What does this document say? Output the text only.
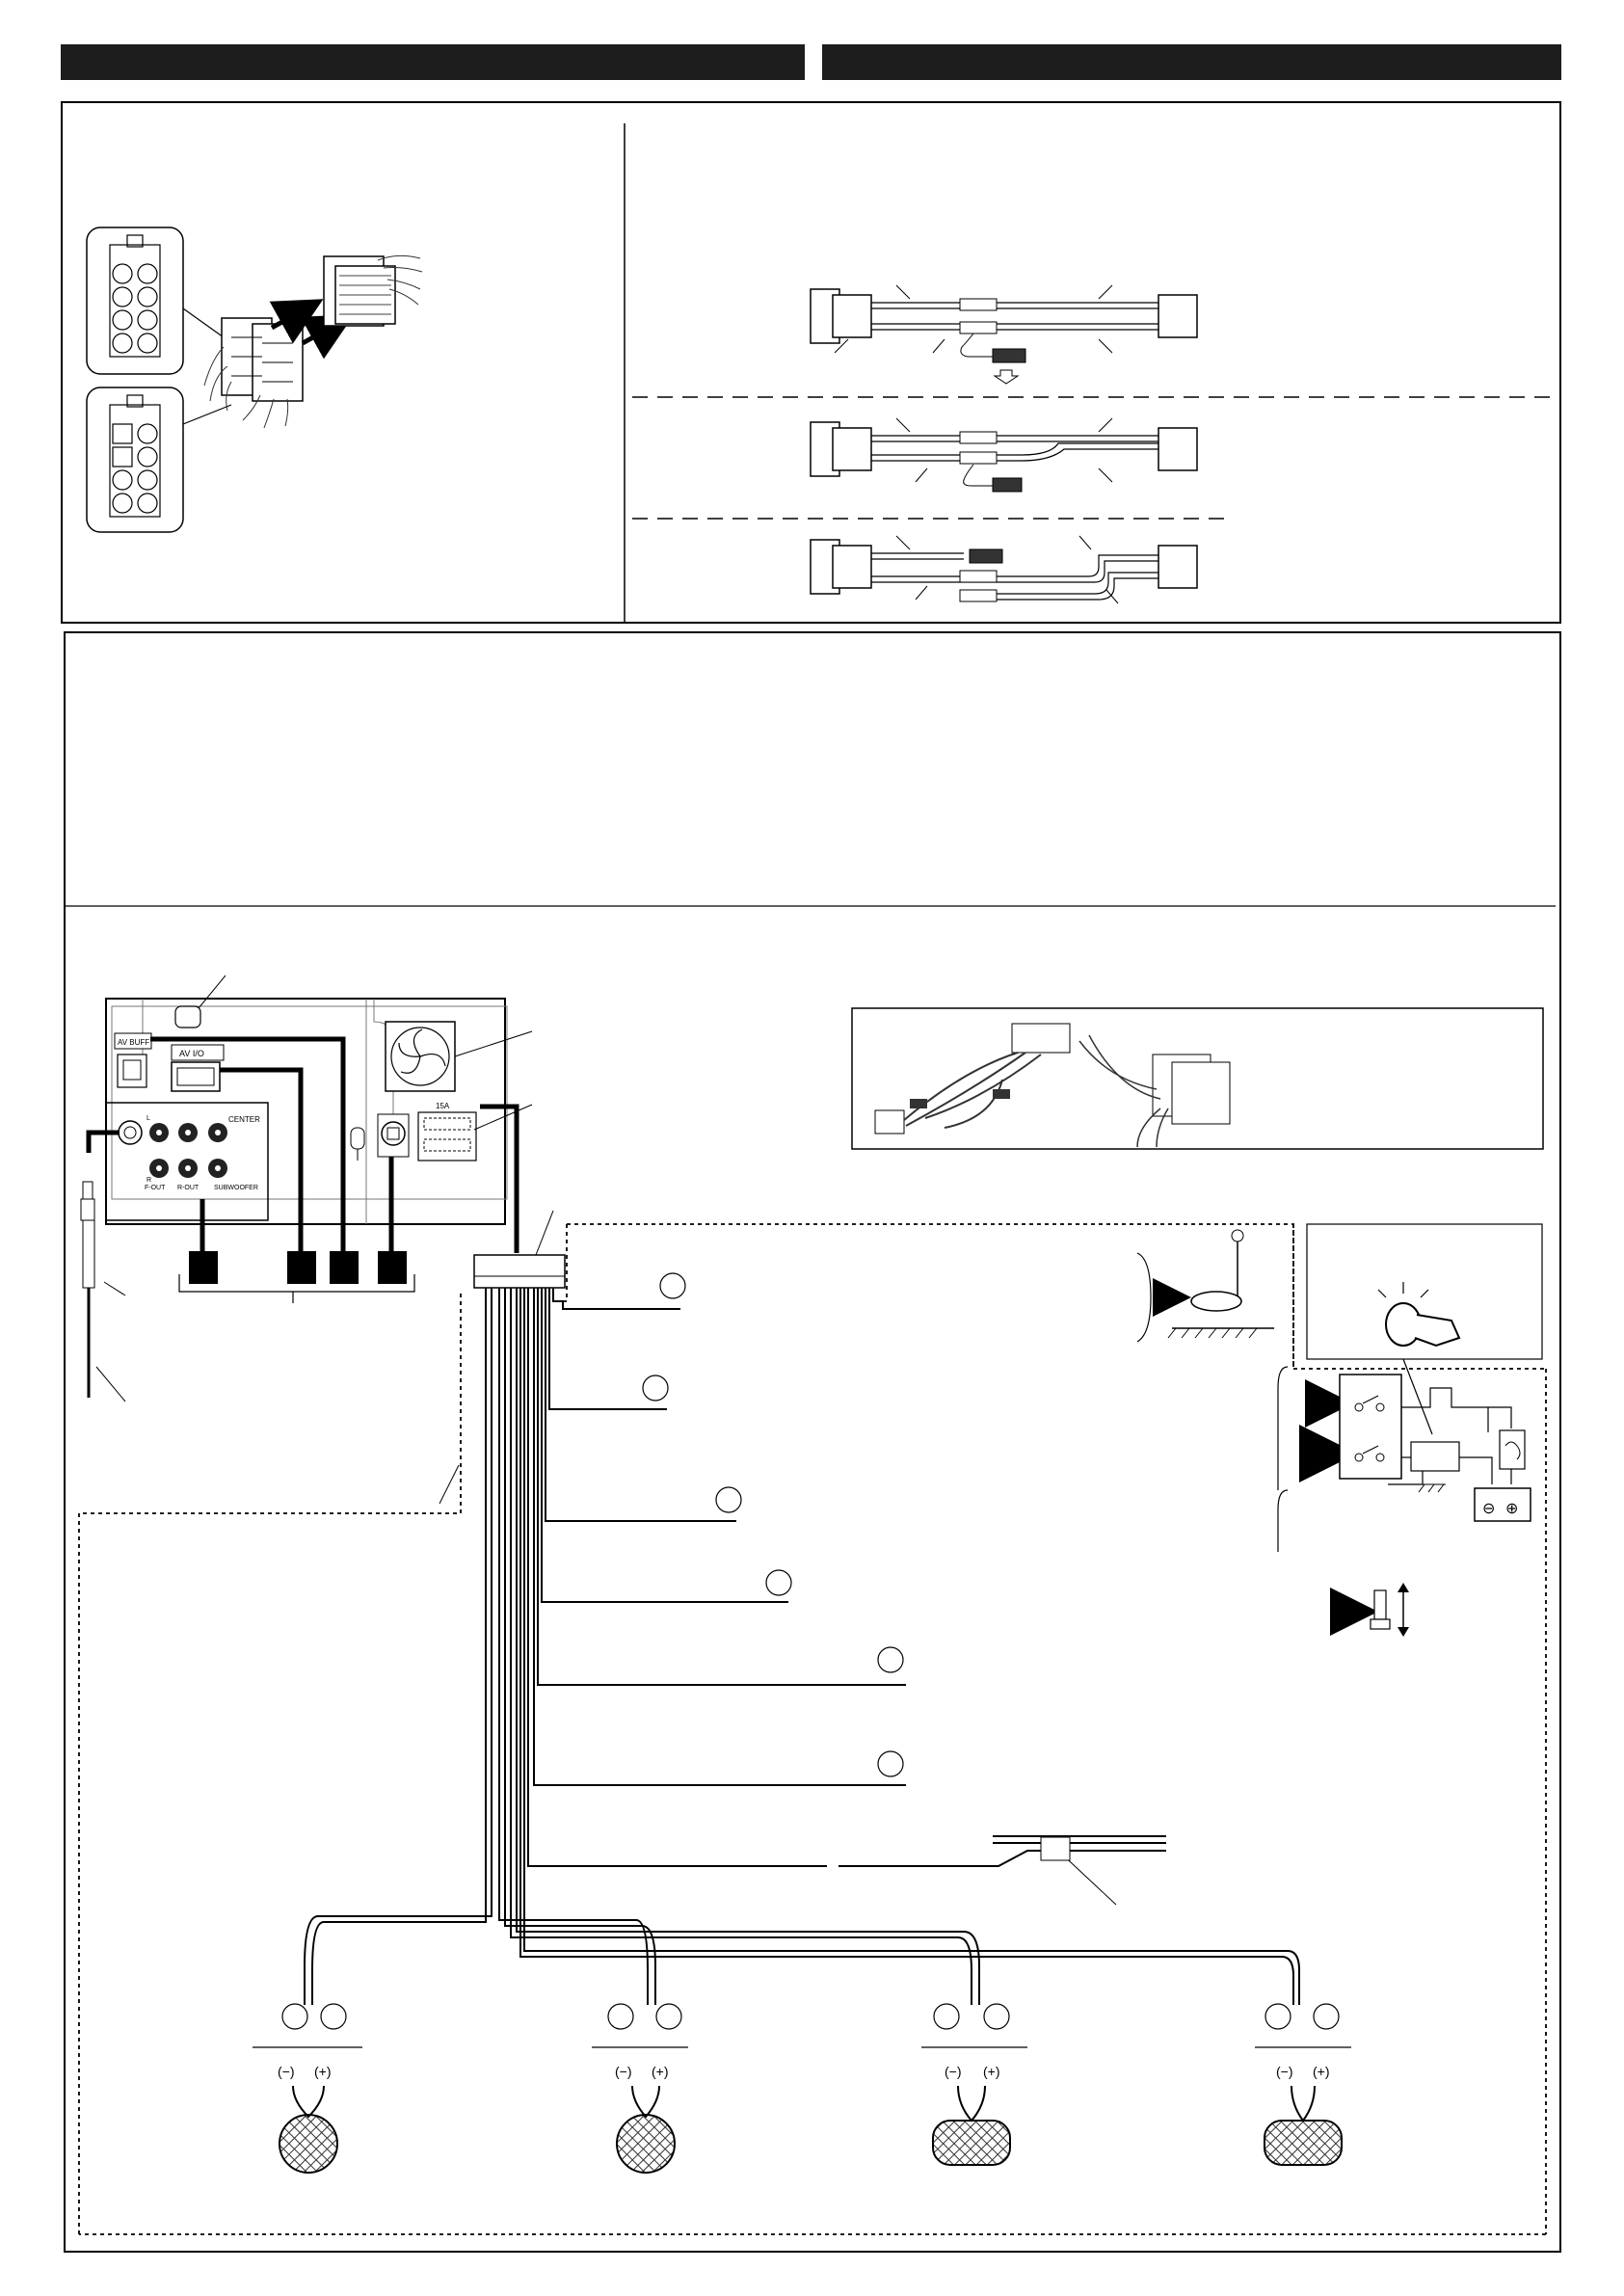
AV BUFF
AV I/O
CENTER
SUBWOOFER
F-OUT R-OUT
L
R
15A
(−) (+)	(−) (+)	(−) (+)	(−) (+)
⊖ ⊕
